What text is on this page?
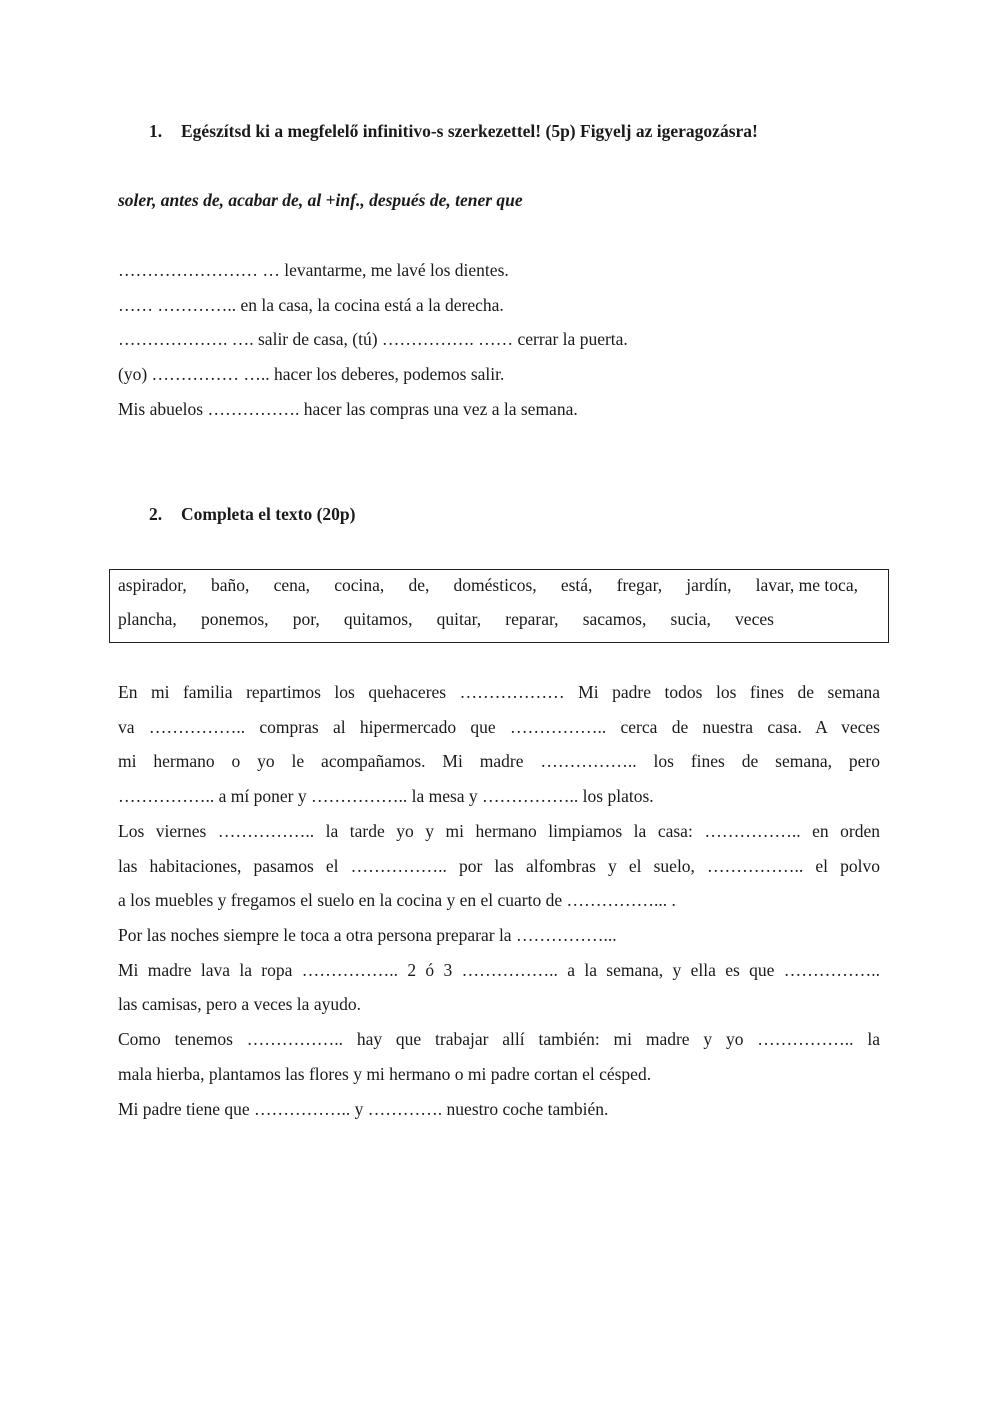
1. Egészítsd ki a megfelelő infinitivo-s szerkezettel! (5p) Figyelj az igeragozásra!
soler, antes de, acabar de, al +inf., después de, tener que
…………………… … levantarme, me lavé los dientes.
…… ………….. en la casa, la cocina está a la derecha.
………………. …. salir de casa, (tú) ……………. …… cerrar la puerta.
(yo) …………… ….. hacer los deberes, podemos salir.
Mis abuelos ……………. hacer las compras una vez a la semana.
2. Completa el texto (20p)
aspirador, baño, cena, cocina, de, domésticos, está, fregar, jardín, lavar, me toca,
plancha, ponemos, por, quitamos, quitar, reparar, sacamos, sucia, veces
En mi familia repartimos los quehaceres ……………… Mi padre todos los fines de semana
va …………….. compras al hipermercado que …………….. cerca de nuestra casa. A veces
mi hermano o yo le acompañamos. Mi madre …………….. los fines de semana, pero
…………….. a mí poner y …………….. la mesa y …………….. los platos.
Los viernes …………….. la tarde yo y mi hermano limpiamos la casa: …………….. en orden
las habitaciones, pasamos el …………….. por las alfombras y el suelo, …………….. el polvo
a los muebles y fregamos el suelo en la cocina y en el cuarto de ……………... .
Por las noches siempre le toca a otra persona preparar la ……………...
Mi madre lava la ropa …………….. 2 ó 3 …………….. a la semana, y ella es que ……………..
las camisas, pero a veces la ayudo.
Como tenemos …………….. hay que trabajar allí también: mi madre y yo …………….. la
mala hierba, plantamos las flores y mi hermano o mi padre cortan el césped.
Mi padre tiene que …………….. y …………. nuestro coche también.
